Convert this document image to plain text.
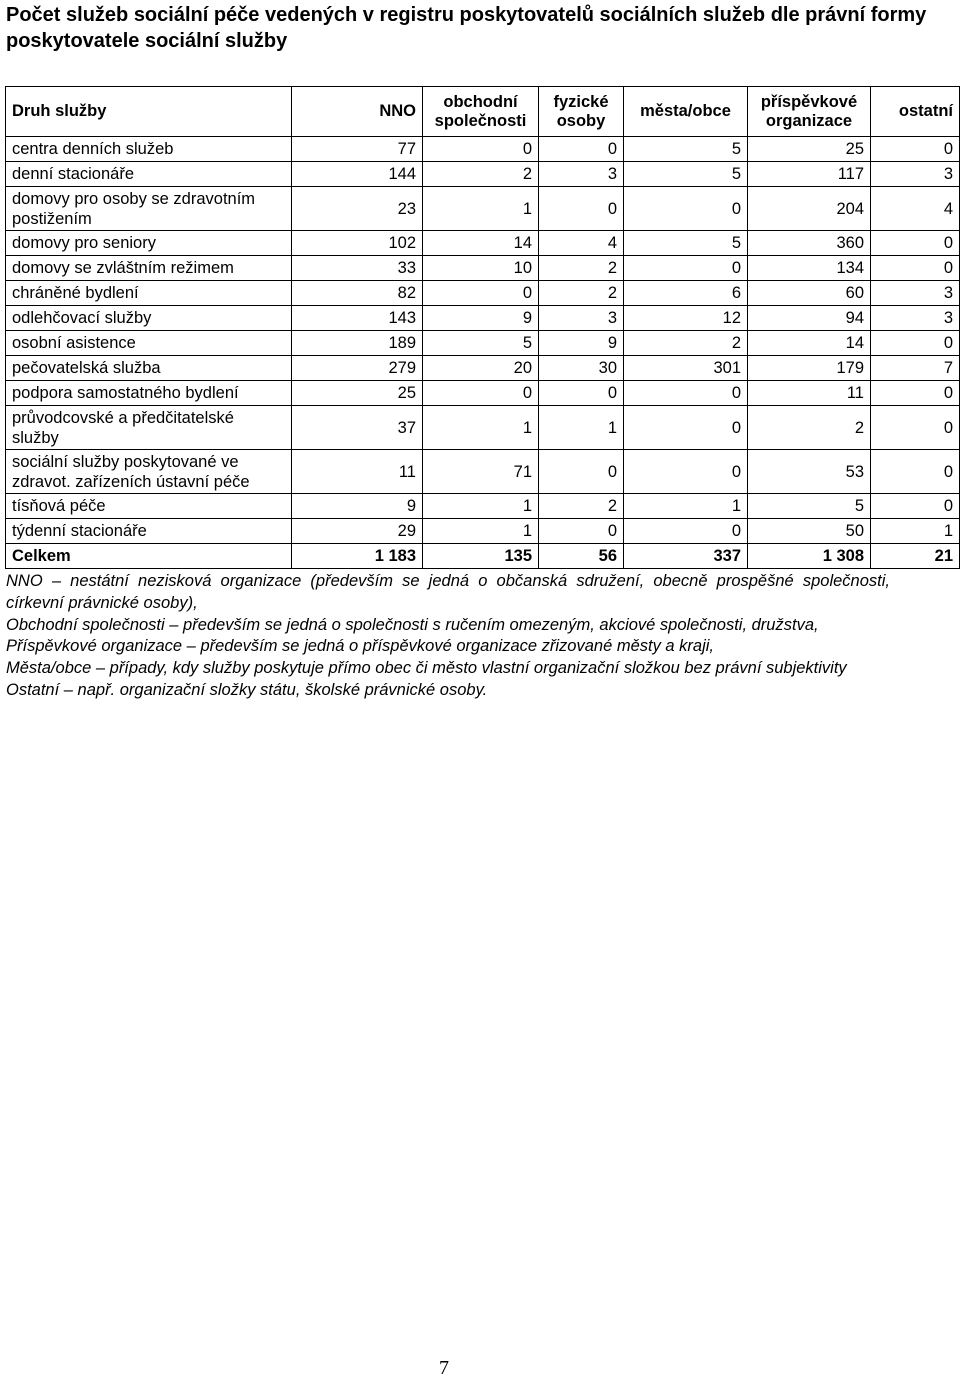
Počet služeb sociální péče vedených v registru poskytovatelů sociálních služeb dle právní formy poskytovatele sociální služby
Druh služby	NNO	obchodní společnosti	fyzické osoby	města/obce	příspěvkové organizace	ostatní
centra denních služeb	77	0	0	5	25	0
denní stacionáře	144	2	3	5	117	3
domovy pro osoby se zdravotním postižením	23	1	0	0	204	4
domovy pro seniory	102	14	4	5	360	0
domovy se zvláštním režimem	33	10	2	0	134	0
chráněné bydlení	82	0	2	6	60	3
odlehčovací služby	143	9	3	12	94	3
osobní asistence	189	5	9	2	14	0
pečovatelská služba	279	20	30	301	179	7
podpora samostatného bydlení	25	0	0	0	11	0
průvodcovské a předčitatelské služby	37	1	1	0	2	0
sociální služby poskytované ve zdravot. zařízeních ústavní péče	11	71	0	0	53	0
tísňová péče	9	1	2	1	5	0
týdenní stacionáře	29	1	0	0	50	1
Celkem	1 183	135	56	337	1 308	21

NNO – nestátní nezisková organizace (především se jedná o občanská sdružení, obecně prospěšné společnosti, církevní právnické osoby),

Obchodní společnosti – především se jedná o společnosti s ručením omezeným, akciové společnosti, družstva,

Příspěvkové organizace – především se jedná o příspěvkové organizace zřizované městy a kraji,

Města/obce – případy, kdy služby poskytuje přímo obec či město vlastní organizační složkou bez právní subjektivity

Ostatní – např. organizační složky státu, školské právnické osoby.

7
